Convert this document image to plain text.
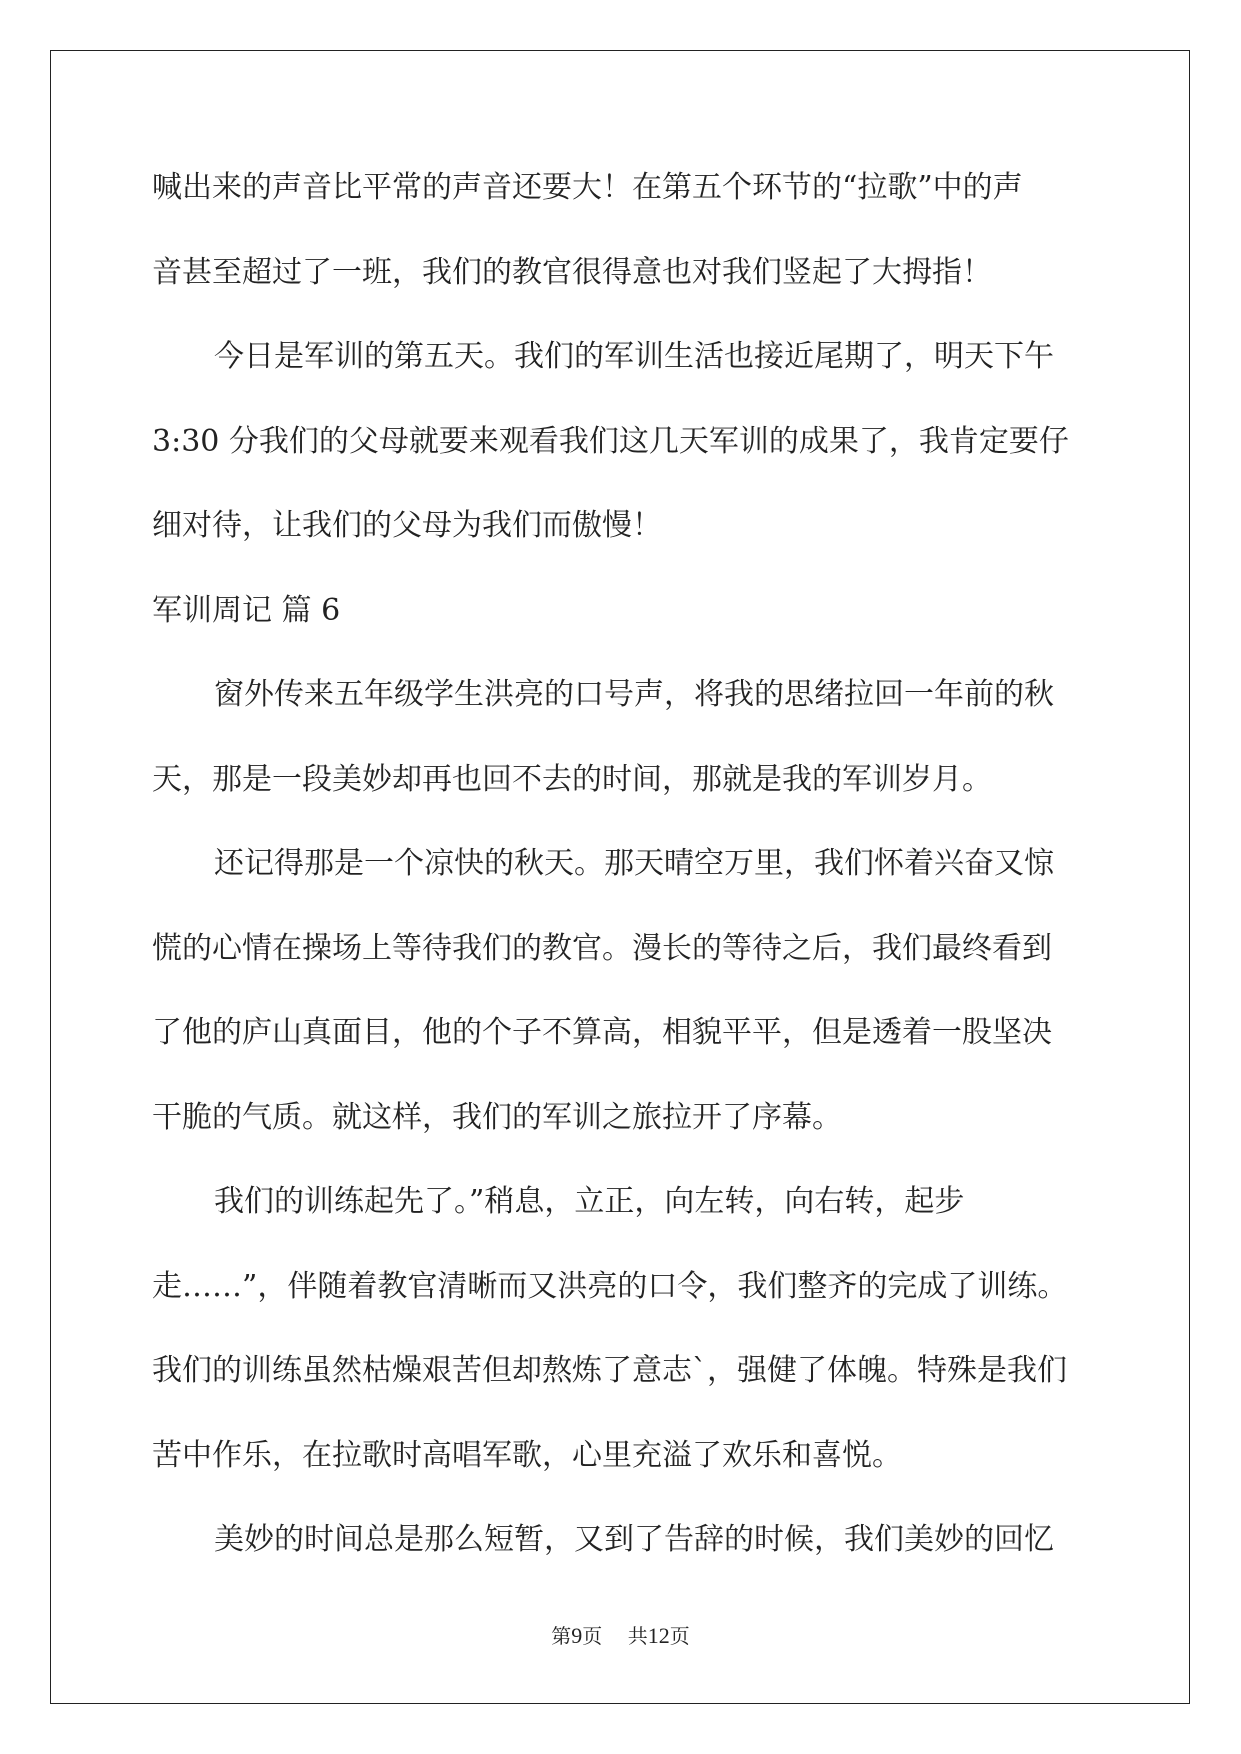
喊出来的声音比平常的声音还要大！在第五个环节的“拉歌”中的声
音甚至超过了一班，我们的教官很得意也对我们竖起了大拇指！
今日是军训的第五天。我们的军训生活也接近尾期了，明天下午
3:30 分我们的父母就要来观看我们这几天军训的成果了，我肯定要仔
细对待，让我们的父母为我们而傲慢！
军训周记 篇 6
窗外传来五年级学生洪亮的口号声，将我的思绪拉回一年前的秋
天，那是一段美妙却再也回不去的时间，那就是我的军训岁月。
还记得那是一个凉快的秋天。那天晴空万里，我们怀着兴奋又惊
慌的心情在操场上等待我们的教官。漫长的等待之后，我们最终看到
了他的庐山真面目，他的个子不算高，相貌平平，但是透着一股坚决
干脆的气质。就这样，我们的军训之旅拉开了序幕。
我们的训练起先了。”稍息，立正，向左转，向右转，起步
走……”，伴随着教官清晰而又洪亮的口令，我们整齐的完成了训练。
我们的训练虽然枯燥艰苦但却熬炼了意志`，强健了体魄。特殊是我们
苦中作乐，在拉歌时高唱军歌，心里充溢了欢乐和喜悦。
美妙的时间总是那么短暂，又到了告辞的时候，我们美妙的回忆
第9页 共12页
